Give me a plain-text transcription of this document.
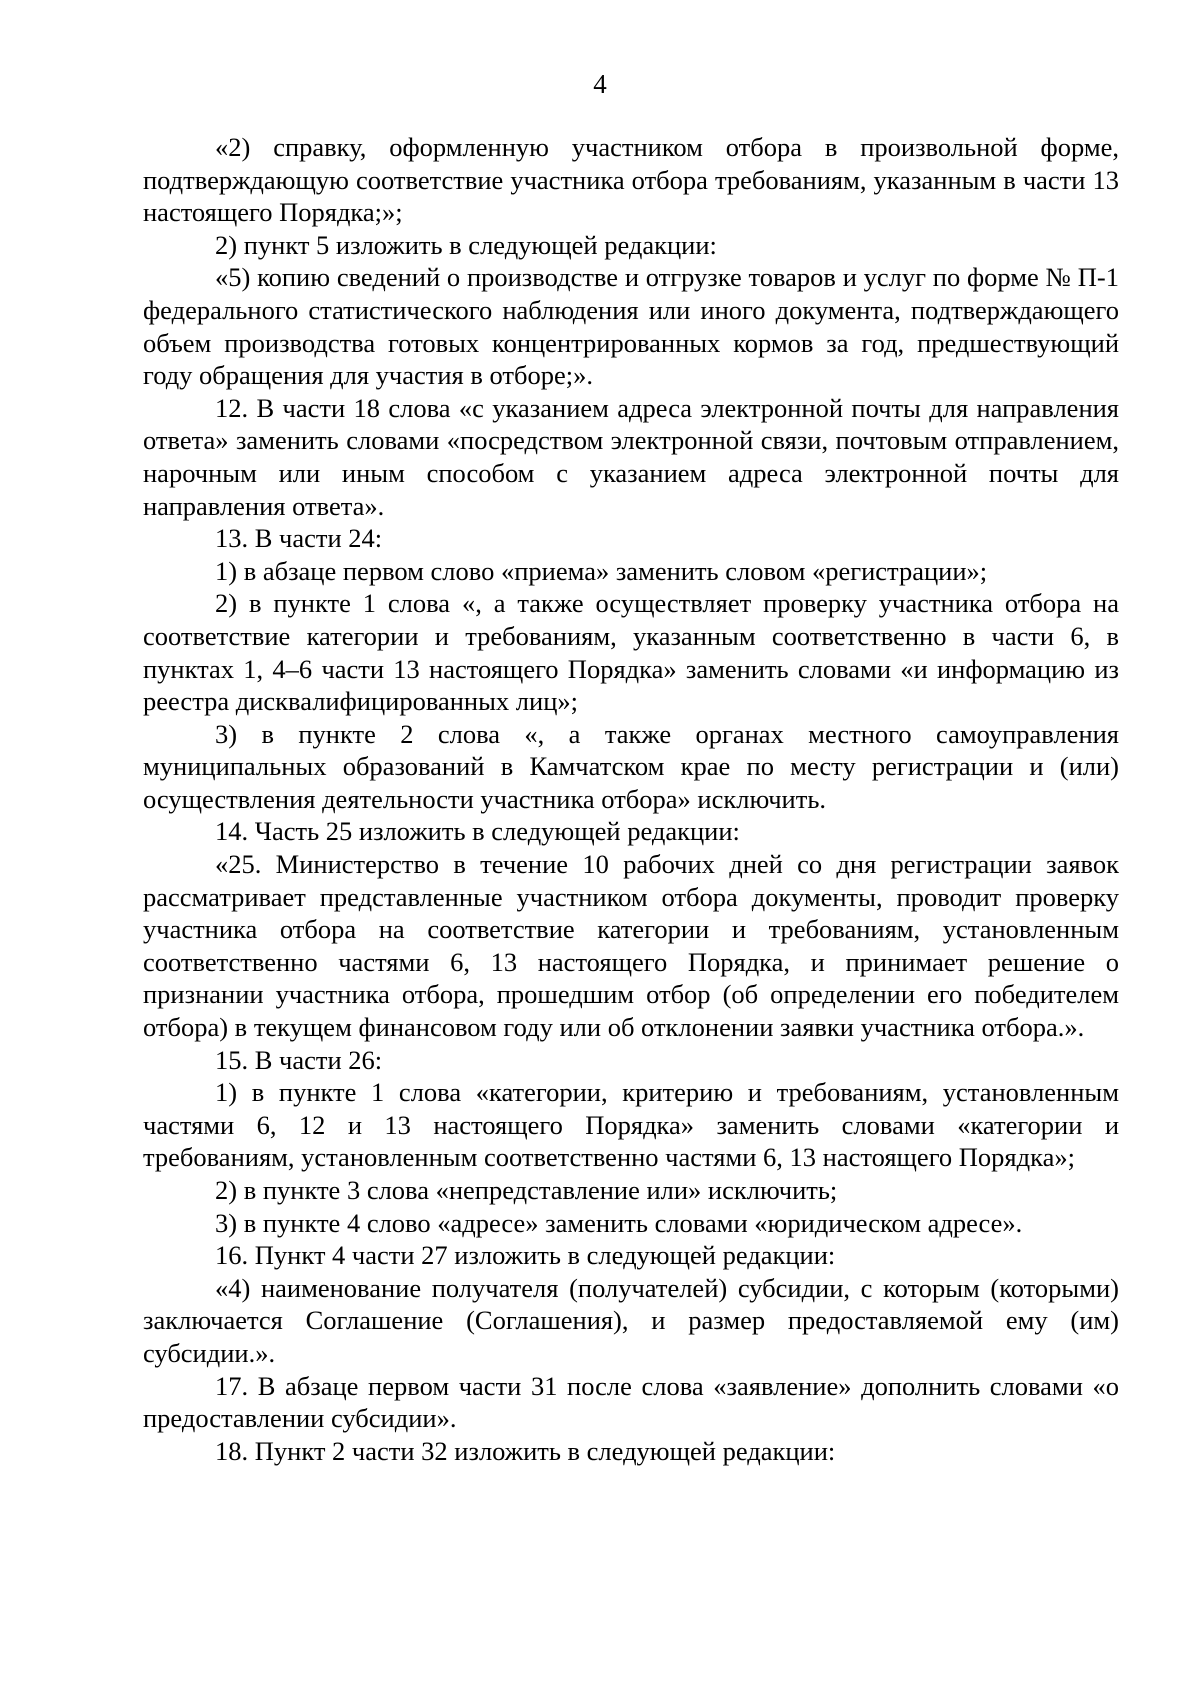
4

«2) справку, оформленную участником отбора в произвольной форме, подтверждающую соответствие участника отбора требованиям, указанным в части 13 настоящего Порядка;»;

2) пункт 5 изложить в следующей редакции:

«5) копию сведений о производстве и отгрузке товаров и услуг по форме № П-1 федерального статистического наблюдения или иного документа, подтверждающего объем производства готовых концентрированных кормов за год, предшествующий году обращения для участия в отборе;».

12. В части 18 слова «с указанием адреса электронной почты для направления ответа» заменить словами «посредством электронной связи, почтовым отправлением, нарочным или иным способом с указанием адреса электронной почты для направления ответа».

13. В части 24:

1) в абзаце первом слово «приема» заменить словом «регистрации»;

2) в пункте 1 слова «, а также осуществляет проверку участника отбора на соответствие категории и требованиям, указанным соответственно в части 6, в пунктах 1, 4–6 части 13 настоящего Порядка» заменить словами «и информацию из реестра дисквалифицированных лиц»;

3) в пункте 2 слова «, а также органах местного самоуправления муниципальных образований в Камчатском крае по месту регистрации и (или) осуществления деятельности участника отбора» исключить.

14. Часть 25 изложить в следующей редакции:

«25. Министерство в течение 10 рабочих дней со дня регистрации заявок рассматривает представленные участником отбора документы, проводит проверку участника отбора на соответствие категории и требованиям, установленным соответственно частями 6, 13 настоящего Порядка, и принимает решение о признании участника отбора, прошедшим отбор (об определении его победителем отбора) в текущем финансовом году или об отклонении заявки участника отбора.».

15. В части 26:

1) в пункте 1 слова «категории, критерию и требованиям, установленным частями 6, 12 и 13 настоящего Порядка» заменить словами «категории и требованиям, установленным соответственно частями 6, 13 настоящего Порядка»;

2) в пункте 3 слова «непредставление или» исключить;

3) в пункте 4 слово «адресе» заменить словами «юридическом адресе».

16. Пункт 4 части 27 изложить в следующей редакции:

«4) наименование получателя (получателей) субсидии, с которым (которыми) заключается Соглашение (Соглашения), и размер предоставляемой ему (им) субсидии.».

17. В абзаце первом части 31 после слова «заявление» дополнить словами «о предоставлении субсидии».

18. Пункт 2 части 32 изложить в следующей редакции:
